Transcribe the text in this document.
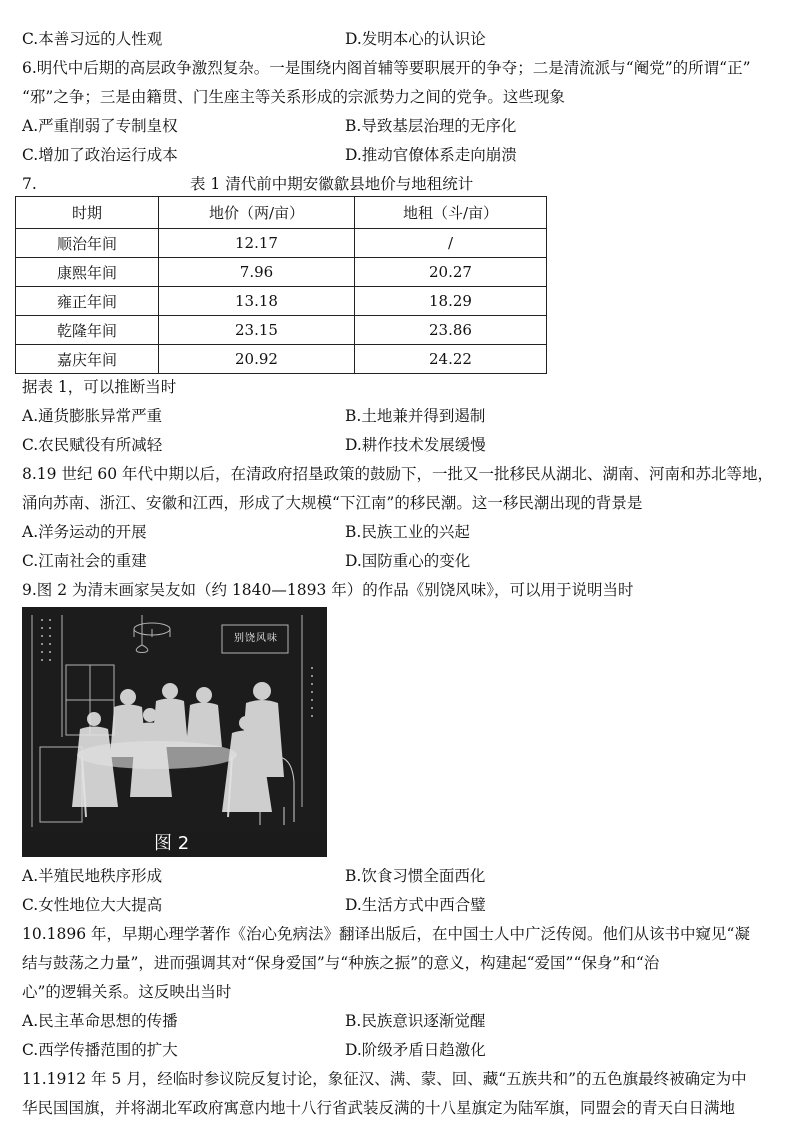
C.本善习远的人性观	D.发明本心的认识论
6.明代中后期的高层政争激烈复杂。一是围绕内阁首辅等要职展开的争夺；二是清流派与“阉党”的所谓“正”
“邪”之争；三是由籍贯、门生座主等关系形成的宗派势力之间的党争。这些现象
A.严重削弱了专制皇权	B.导致基层治理的无序化
C.增加了政治运行成本	D.推动官僚体系走向崩溃
7.	表 1 清代前中期安徽歙县地价与地租统计
时期	地价（两/亩）	地租（斗/亩）
顺治年间	12.17	/
康熙年间	7.96	20.27
雍正年间	13.18	18.29
乾隆年间	23.15	23.86
嘉庆年间	20.92	24.22
据表 1，可以推断当时
A.通货膨胀异常严重	B.土地兼并得到遏制
C.农民赋役有所减轻	D.耕作技术发展缓慢
8.19 世纪 60 年代中期以后，在清政府招垦政策的鼓励下，一批又一批移民从湖北、湖南、河南和苏北等地，
涌向苏南、浙江、安徽和江西，形成了大规模“下江南”的移民潮。这一移民潮出现的背景是
A.洋务运动的开展	B.民族工业的兴起
C.江南社会的重建	D.国防重心的变化
9.图 2 为清末画家吴友如（约 1840—1893 年）的作品《别饶风味》，可以用于说明当时
别饶风味
图 2
A.半殖民地秩序形成	B.饮食习惯全面西化
C.女性地位大大提高	D.生活方式中西合璧
10.1896 年，早期心理学著作《治心免病法》翻译出版后，在中国士人中广泛传阅。他们从该书中窥见“凝
结与鼓荡之力量”，进而强调其对“保身爱国”与“种族之振”的意义，构建起“爱国”“保身”和“治
心”的逻辑关系。这反映出当时
A.民主革命思想的传播	B.民族意识逐渐觉醒
C.西学传播范围的扩大	D.阶级矛盾日趋激化
11.1912 年 5 月，经临时参议院反复讨论，象征汉、满、蒙、回、藏“五族共和”的五色旗最终被确定为中
华民国国旗，并将湖北军政府寓意内地十八行省武装反满的十八星旗定为陆军旗，同盟会的青天白日满地
